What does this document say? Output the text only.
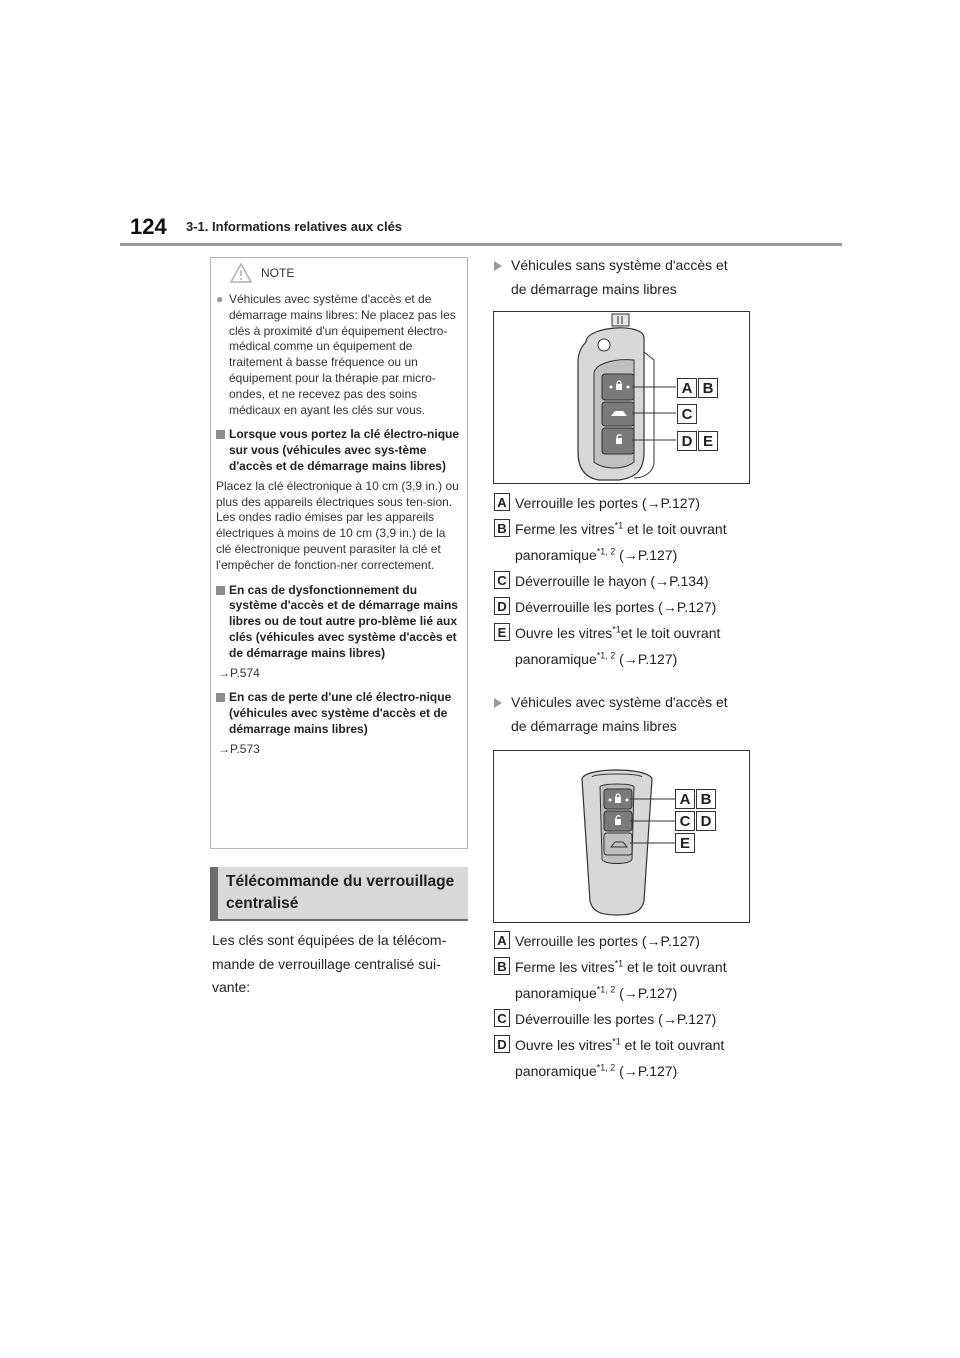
124 3-1. Informations relatives aux clés
NOTE
● Véhicules avec système d'accès et de démarrage mains libres: Ne placez pas les clés à proximité d'un équipement électro-médical comme un équipement de traitement à basse fréquence ou un équipement pour la thérapie par micro-ondes, et ne recevez pas des soins médicaux en ayant les clés sur vous.
Lorsque vous portez la clé électro-nique sur vous (véhicules avec sys-tème d'accès et de démarrage mains libres)
Placez la clé électronique à 10 cm (3,9 in.) ou plus des appareils électriques sous ten-sion. Les ondes radio émises par les appareils électriques à moins de 10 cm (3,9 in.) de la clé électronique peuvent parasiter la clé et l'empêcher de fonction-ner correctement.
En cas de dysfonctionnement du système d'accès et de démarrage mains libres ou de tout autre pro-blème lié aux clés (véhicules avec système d'accès et de démarrage mains libres)
→P.574
En cas de perte d'une clé électro-nique (véhicules avec système d'accès et de démarrage mains libres)
→P.573
Télécommande du verrouillage
centralisé
Les clés sont équipées de la télécom-
mande de verrouillage centralisé sui-
vante:
Véhicules sans système d'accès et
de démarrage mains libres
A B
C
D E
A Verrouille les portes (→P.127)
B Ferme les vitres$^{*1}$ et le toit ouvrant
panoramique$^{*1, 2}$ (→P.127)
C Déverrouille le hayon (→P.134)
D Déverrouille les portes (→P.127)
E Ouvre les vitres$^{*1}$et le toit ouvrant
panoramique$^{*1, 2}$ (→P.127)
Véhicules avec système d'accès et
de démarrage mains libres
A B
C D
E
A Verrouille les portes (→P.127)
B Ferme les vitres$^{*1}$ et le toit ouvrant
panoramique$^{*1, 2}$ (→P.127)
C Déverrouille les portes (→P.127)
D Ouvre les vitres$^{*1}$ et le toit ouvrant
panoramique$^{*1, 2}$ (→P.127)
